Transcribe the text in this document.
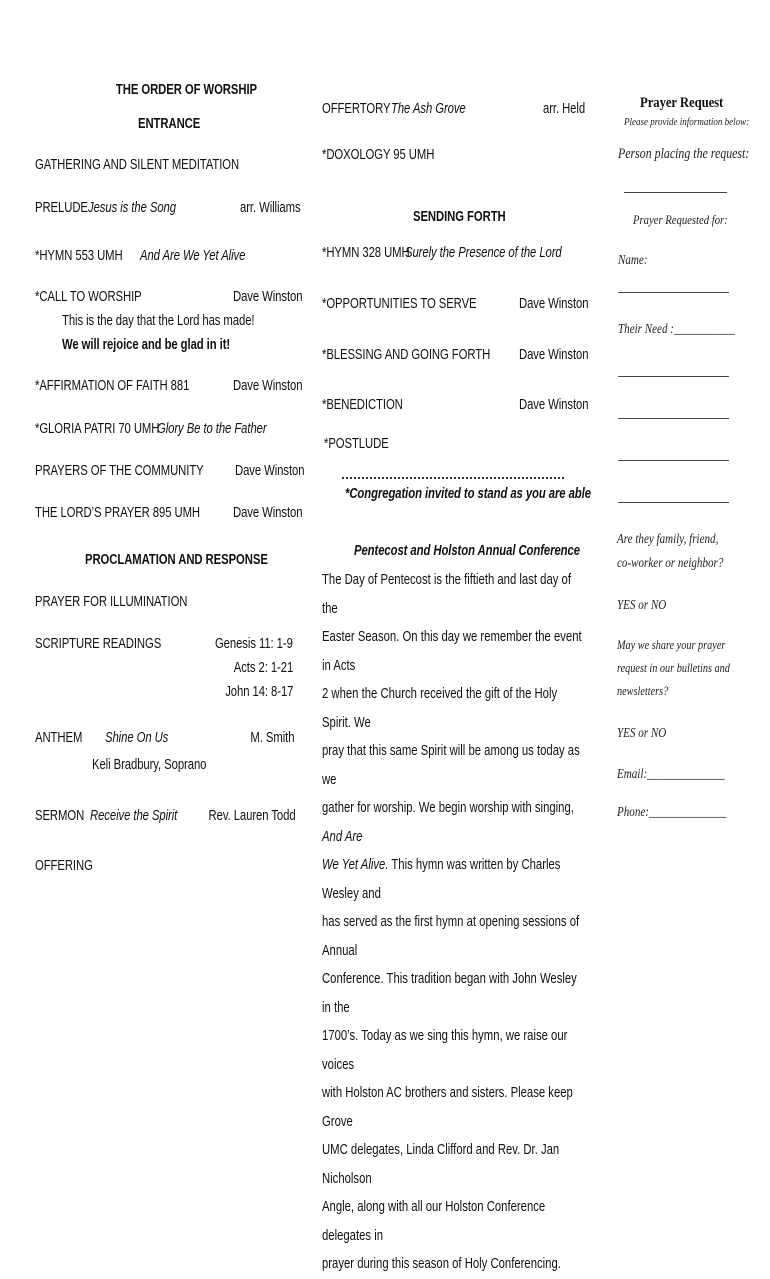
THE ORDER OF WORSHIP
ENTRANCE
GATHERING AND SILENT MEDITATION
PRELUDE Jesus is the Song	arr. Williams
*HYMN 553 UMH And Are We Yet Alive
*CALL TO WORSHIP	Dave Winston
This is the day that the Lord has made!
We will rejoice and be glad in it!
*AFFIRMATION OF FAITH 881	Dave Winston
*GLORIA PATRI 70 UMH
Glory Be to the Father
PRAYERS OF THE COMMUNITY Dave Winston
THE LORD’S PRAYER 895 UMH Dave Winston
PROCLAMATION AND RESPONSE
PRAYER FOR ILLUMINATION
SCRIPTURE READINGS	Genesis 11: 1-9
Acts 2: 1-21
John 14: 8-17
ANTHEM Shine On Us	M. Smith
Keli Bradbury, Soprano
SERMON Receive the Spirit Rev. Lauren Todd
OFFERING
OFFERTORY The Ash Grove	arr. Held
*DOXOLOGY 95 UMH
SENDING FORTH
*HYMN 328 UMH
Surely the Presence of the Lord
*OPPORTUNITIES TO SERVE	Dave Winston
*BLESSING AND GOING FORTH Dave Winston
*BENEDICTION	Dave Winston
*POSTLUDE
*Congregation invited to stand as you are able
Pentecost and Holston Annual Conference
The Day of Pentecost is the fiftieth and last day of the
Easter Season. On this day we remember the event in Acts
2 when the Church received the gift of the Holy Spirit. We
pray that this same Spirit will be among us today as we
gather for worship. We begin worship with singing, And Are
We Yet Alive. This hymn was written by Charles Wesley and
has served as the first hymn at opening sessions of Annual
Conference. This tradition began with John Wesley in the
1700’s. Today as we sing this hymn, we raise our voices
with Holston AC brothers and sisters. Please keep Grove
UMC delegates, Linda Clifford and Rev. Dr. Jan Nicholson
Angle, along with all our Holston Conference delegates in
prayer during this season of Holy Conferencing.
Prayer Request
Please provide information below:
Person placing the request:
Prayer Requested for:
Name:
Their Need :___________
Are they family, friend,
co-worker or neighbor?
YES or NO
May we share your prayer
request in our bulletins and
newsletters?
YES or NO
Email:______________
Phone:______________
